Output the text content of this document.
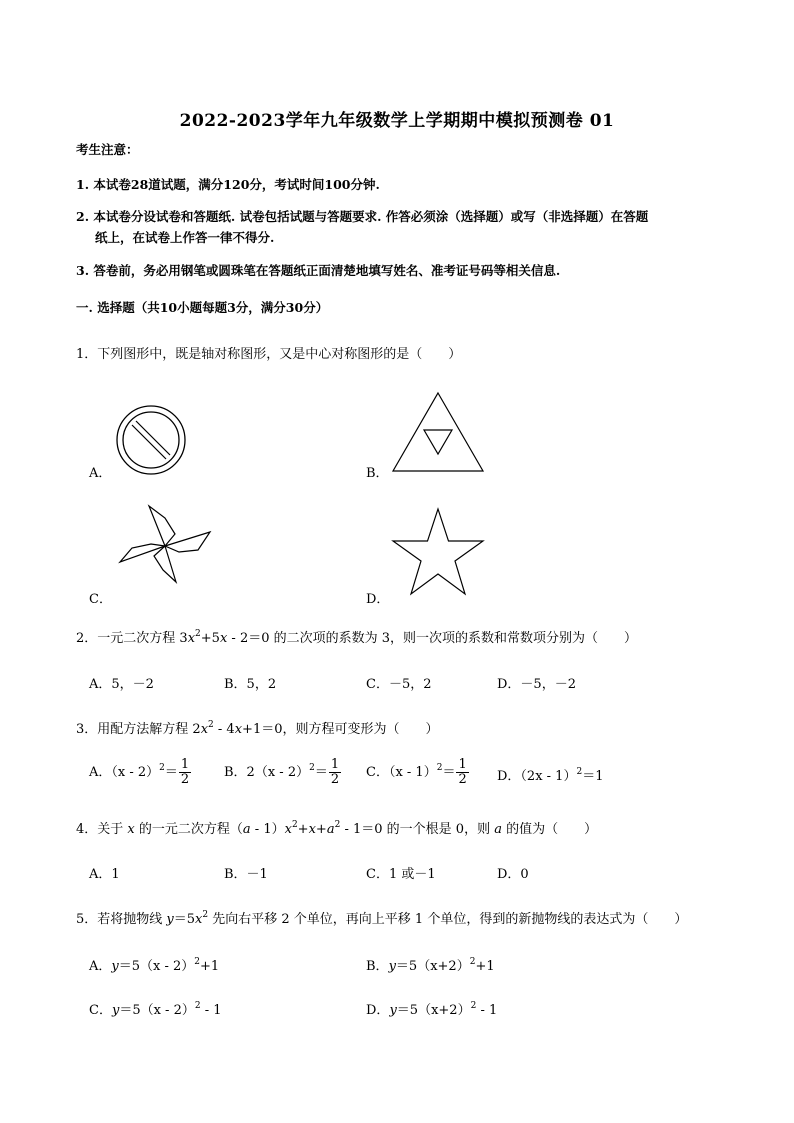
2022-2023学年九年级数学上学期期中模拟预测卷 01
考生注意：
1. 本试卷28道试题，满分120分，考试时间100分钟.
2. 本试卷分设试卷和答题纸. 试卷包括试题与答题要求. 作答必须涂（选择题）或写（非选择题）在答题
纸上，在试卷上作答一律不得分.
3. 答卷前，务必用钢笔或圆珠笔在答题纸正面清楚地填写姓名、准考证号码等相关信息.
一. 选择题（共10小题每题3分，满分30分）
1．下列图形中，既是轴对称图形，又是中心对称图形的是（　　）
A．	B．
C．	D．
2．一元二次方程 $3x^2+5x - 2=0$ 的二次项的系数为 3，则一次项的系数和常数项分别为（　　）
A．5，－2	B．5，2	C．－5，2	D．－5，－2
3．用配方法解方程 $2x^2 - 4x+1=0$，则方程可变形为（　　）
A．$(x - 2)^2= \frac{1}{2}$	B．$2(x - 2)^2= \frac{1}{2}$ C．$(x - 1)^2= \frac{1}{2}$ D．（2x - 1）$^2$＝1
4．关于 x 的一元二次方程$(a - 1)x^2+x+a^2 - 1=0$ 的一个根是 0，则 a 的值为（　　）
A．1	B．－1	C．1 或－1	D．0
5．若将抛物线 $y=5x^2$ 先向右平移 2 个单位，再向上平移 1 个单位，得到的新抛物线的表达式为（　　）
A．y＝5（x - 2）$^2$+1	B．$y=5(x+2)^2+1$
C．y＝5（x - 2）$^2$ - 1	D．$y=5(x+2)^2 - 1$
